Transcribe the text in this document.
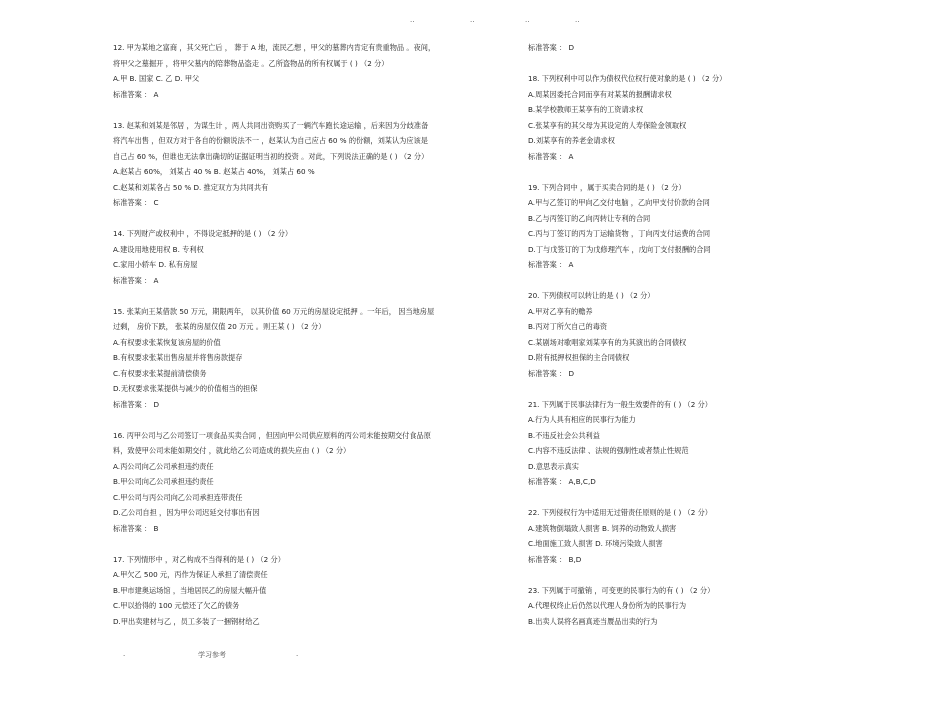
..	..	..	..
12. 甲为某地之富商 ，其父死亡后 ， 葬于 A 地，流民乙想 ，甲父的墓葬内肯定有贵重物品 。夜间，
将甲父之墓掘开 ，将甲父墓内的陪葬物品盗走 。乙所盗物品的所有权属于 ( ) （2 分）
A.甲 B. 国家 C. 乙 D. 甲父
标准答案 ： A
13. 赵某和刘某是邻居 ，为谋生计 ，两人共同出资购买了一辆汽车跑长途运输 ，后来因为分歧准备
将汽车出售 ，但双方对于各自的份额说法不一 ，赵某认为自己应占 60 % 的份额，刘某认为应该是
自己占 60 %，但谁也无法拿出确切的证据证明当初的投资 。对此，下列说法正确的是 ( ) （2 分）
A.赵某占 60%， 刘某占 40 % B. 赵某占 40%， 刘某占 60 %
C.赵某和刘某各占 50 % D. 推定双方为共同共有
标准答案 ： C
14. 下列财产或权利中 ，不得设定抵押的是 ( ) （2 分）
A.建设用地使用权 B. 专利权
C.家用小轿车 D. 私有房屋
标准答案 ： A
15. 张某向王某借款 50 万元，期限两年， 以其价值 60 万元的房屋设定抵押 。一年后， 因当地房屋
过剩， 房价下跌， 张某的房屋仅值 20 万元 。则王某 ( ) （2 分）
A.有权要求张某恢复该房屋的价值
B.有权要求张某出售房屋并将售房款提存
C.有权要求张某提前清偿债务
D.无权要求张某提供与减少的价值相当的担保
标准答案 ： D
16. 丙甲公司与乙公司签订一项食品买卖合同 ，但因向甲公司供应原料的丙公司未能按期交付食品原
料，致使甲公司未能如期交付 ，就此给乙公司造成的损失应由 ( ) （2 分）
A.丙公司向乙公司承担违约责任
B.甲公司向乙公司承担违约责任
C.甲公司与丙公司向乙公司承担连带责任
D.乙公司自担 ，因为甲公司迟延交付事出有因
标准答案 ： B
17. 下列情形中 ，对乙构成不当得利的是 ( ) （2 分）
A.甲欠乙 500 元，丙作为保证人承担了清偿责任
B.甲市建奥运场馆 ，当地居民乙的房屋大幅升值
C.甲以拾得的 100 元偿还了欠乙的债务
D.甲出卖建材与乙 ，员工多装了一捆钢材给乙
标准答案 ： D
18. 下列权利中可以作为债权代位权行使对象的是 ( ) （2 分）
A.周某因委托合同而享有对某某的报酬请求权
B.某学校教师王某享有的工资请求权
C.张某享有的其父母为其设定的人寿保险金领取权
D.刘某享有的养老金请求权
标准答案 ： A
19. 下列合同中 ，属于买卖合同的是 ( ) （2 分）
A.甲与乙签订的甲向乙交付电脑 ，乙向甲支付价款的合同
B.乙与丙签订的乙向丙转让专利的合同
C.丙与丁签订的丙为丁运输货物 ，丁向丙支付运费的合同
D.丁与戊签订的丁为戊修理汽车 ，戊向丁支付报酬的合同
标准答案 ： A
20. 下列债权可以转让的是 ( ) （2 分）
A.甲对乙享有的赡养
B.丙对丁所欠自己的毒资
C.某剧场对歌唱家刘某享有的为其演出的合同债权
D.附有抵押权担保的主合同债权
标准答案 ： D
21. 下列属于民事法律行为一般生效要件的有 ( ) （2 分）
A.行为人具有相应的民事行为能力
B.不违反社会公共利益
C.内容不违反法律 、法规的强制性或者禁止性规范
D.意思表示真实
标准答案 ： A,B,C,D
22. 下列侵权行为中适用无过错责任原则的是 ( ) （2 分）
A.建筑物倒塌致人损害 B. 饲养的动物致人损害
C.地面施工致人损害 D. 环境污染致人损害
标准答案 ： B,D
23. 下列属于可撤销 ，可变更的民事行为的有 ( ) （2 分）
A.代理权终止后仍然以代理人身份所为的民事行为
B.出卖人误将名画真迹当赝品出卖的行为
.	学习参考	.
